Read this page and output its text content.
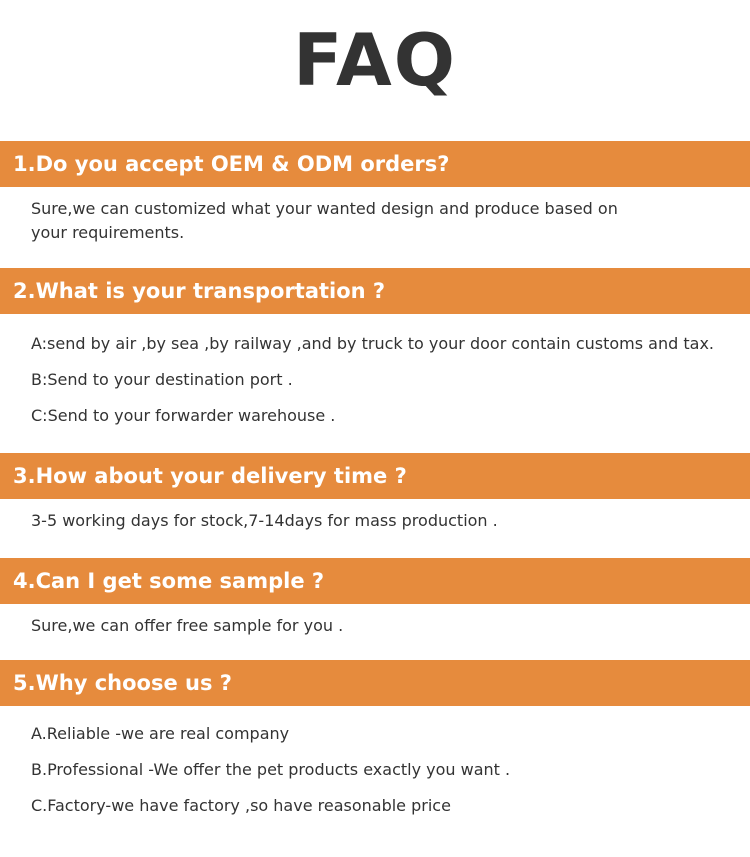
FAQ
1.Do you accept OEM & ODM orders?
Sure,we can customized what your wanted design and produce based on your requirements.
2.What is your transportation ?
A:send by air ,by sea ,by railway ,and by truck to your door contain customs and tax.
B:Send to your destination port .
C:Send to your forwarder warehouse .
3.How about your delivery time ?
3-5 working days for stock,7-14days for mass production .
4.Can I get some sample ?
Sure,we can offer free sample for you .
5.Why choose us ?
A.Reliable -we are real company
B.Professional -We offer the pet products exactly you want .
C.Factory-we have factory ,so have reasonable price
